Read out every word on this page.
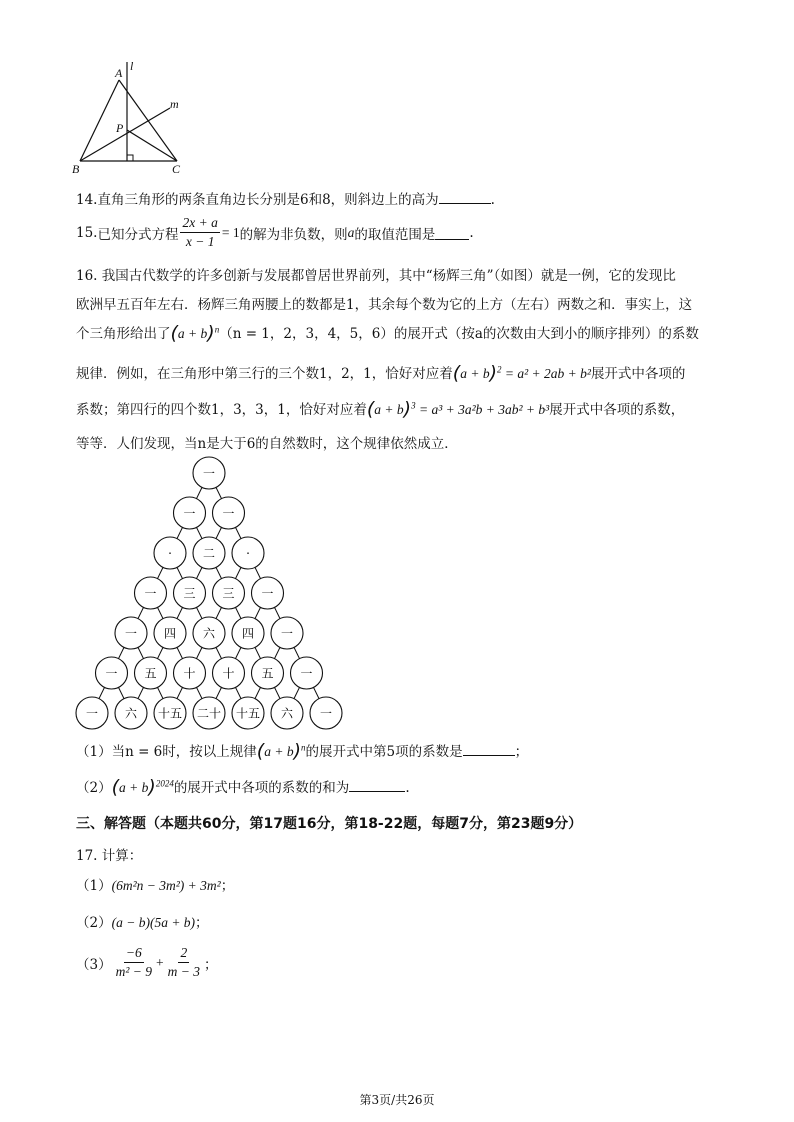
A l
m
P
B	C
14.直角三角形的两条直角边长分别是6和8，则斜边上的高为	.
15. 已知分式方程 $\frac{2x + a}{x - 1} = 1$ 的解为非负数，则 a 的取值范围是	.
16. 我国古代数学的许多创新与发展都曾居世界前列，其中“杨辉三角”（如图）就是一例，它的发现比
欧洲早五百年左右．杨辉三角两腰上的数都是1，其余每个数为它的上方（左右）两数之和．事实上，这
个三角形给出了$(a + b)^n(n = 1$，2，3，4，5，6）的展开式（按a的次数由大到小的顺序排列）的系数
规律．例如，在三角形中第三行的三个数1，2，1，恰好对应着$(a + b)^2 = a^2 + 2ab + b^2$展开式中各项的
系数；第四行的四个数1，3，3，1，恰好对应着$(a + b)^3 = a^3 + 3a^2b + 3ab^2 + b^3$展开式中各项的系数，
等等．人们发现，当n是大于6的自然数时，这个规律依然成立．
一
一 一
·	二	·
一 三 三 一
一 四 六 四 一
一 五 十 十 五 一
一 六 十五 二十 十五 六 一
（1）当n = 6时，按以上规律$(a + b)^n$的展开式中第5项的系数是	；
$(2)(a + b)^{2024}$的展开式中各项的系数的和为	.
三、解答题（本题共60分，第17题16分，第18-22题，每题7分，第23题9分）
17. 计算：
（1）(6m²n − 3m²) + 3m²；
（2）(a − b)(5a + b)；
$(3) \frac{-6}{\text{m² − 9}} + \frac{2}{m - 3}$ ；
第3页/共26页
